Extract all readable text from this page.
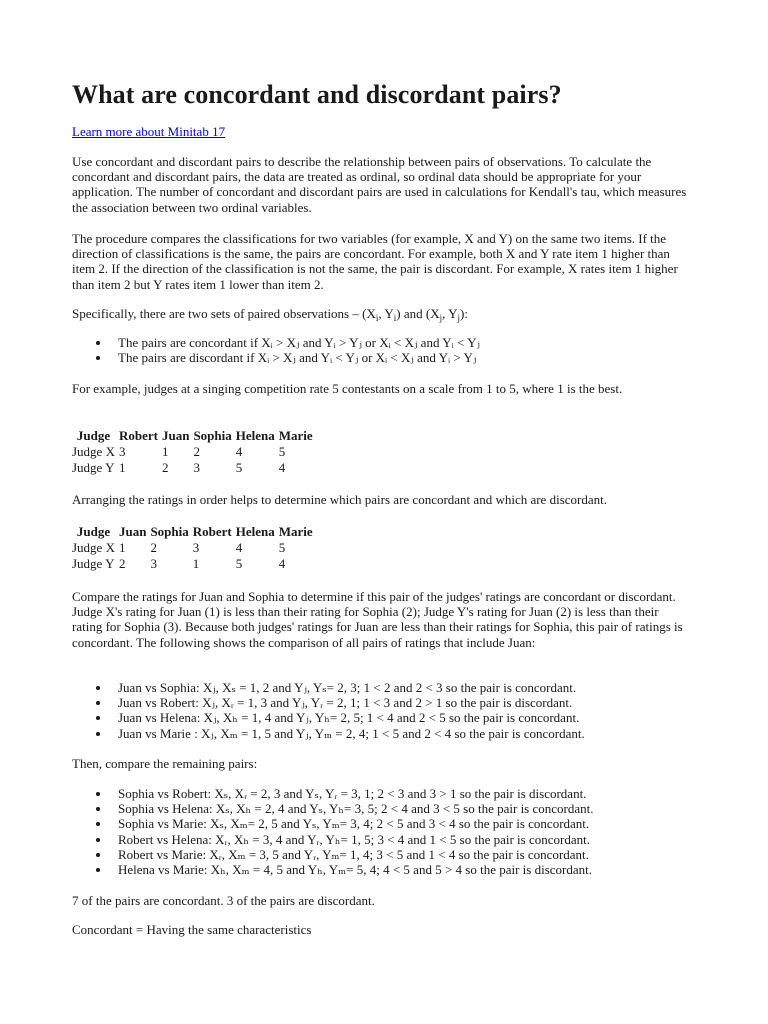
What are concordant and discordant pairs?
Learn more about Minitab 17

Use concordant and discordant pairs to describe the relationship between pairs of observations. To calculate the concordant and discordant pairs, the data are treated as ordinal, so ordinal data should be appropriate for your application. The number of concordant and discordant pairs are used in calculations for Kendall's tau, which measures the association between two ordinal variables.

The procedure compares the classifications for two variables (for example, X and Y) on the same two items. If the direction of classifications is the same, the pairs are concordant. For example, both X and Y rate item 1 higher than item 2. If the direction of the classification is not the same, the pair is discordant. For example, X rates item 1 higher than item 2 but Y rates item 1 lower than item 2.

Specifically, there are two sets of paired observations – ($X_i$, $Y_i$) and ($X_j$, $Y_j$):
The pairs are concordant if Xᵢ > Xⱼ and Yᵢ > Yⱼ or Xᵢ < Xⱼ and Yᵢ < Yⱼ
The pairs are discordant if Xᵢ > Xⱼ and Yᵢ < Yⱼ or Xᵢ < Xⱼ and Yᵢ > Yⱼ

For example, judges at a singing competition rate 5 contestants on a scale from 1 to 5, where 1 is the best.

Judge	Robert	Juan	Sophia	Helena	Marie
Judge X	3	1	2	4	5
Judge Y	1	2	3	5	4

Arranging the ratings in order helps to determine which pairs are concordant and which are discordant.

Judge	Juan	Sophia	Robert	Helena	Marie
Judge X	1	2	3	4	5
Judge Y	2	3	1	5	4

Compare the ratings for Juan and Sophia to determine if this pair of the judges' ratings are concordant or discordant. Judge X's rating for Juan (1) is less than their rating for Sophia (2); Judge Y's rating for Juan (2) is less than their rating for Sophia (3). Because both judges' ratings for Juan are less than their ratings for Sophia, this pair of ratings is concordant. The following shows the comparison of all pairs of ratings that include Juan:

Juan vs Sophia: Xⱼ, Xₛ = 1, 2 and Yⱼ, Yₛ= 2, 3; 1 < 2 and 2 < 3 so the pair is concordant.
Juan vs Robert: Xⱼ, Xᵣ = 1, 3 and Yⱼ, Yᵣ = 2, 1; 1 < 3 and 2 > 1 so the pair is discordant.
Juan vs Helena: Xⱼ, Xₕ = 1, 4 and Yⱼ, Yₕ= 2, 5; 1 < 4 and 2 < 5 so the pair is concordant.
Juan vs Marie : Xⱼ, Xₘ = 1, 5 and Yⱼ, Yₘ = 2, 4; 1 < 5 and 2 < 4 so the pair is concordant.

Then, compare the remaining pairs:

Sophia vs Robert: Xₛ, Xᵣ = 2, 3 and Yₛ, Yᵣ = 3, 1; 2 < 3 and 3 > 1 so the pair is discordant.
Sophia vs Helena: Xₛ, Xₕ = 2, 4 and Yₛ, Yₕ= 3, 5; 2 < 4 and 3 < 5 so the pair is concordant.
Sophia vs Marie: Xₛ, Xₘ= 2, 5 and Yₛ, Yₘ= 3, 4; 2 < 5 and 3 < 4 so the pair is concordant.
Robert vs Helena: Xᵣ, Xₕ = 3, 4 and Yᵣ, Yₕ= 1, 5; 3 < 4 and 1 < 5 so the pair is concordant.
Robert vs Marie: Xᵣ, Xₘ = 3, 5 and Yᵣ, Yₘ= 1, 4; 3 < 5 and 1 < 4 so the pair is concordant.
Helena vs Marie: Xₕ, Xₘ = 4, 5 and Yₕ, Yₘ= 5, 4; 4 < 5 and 5 > 4 so the pair is discordant.

7 of the pairs are concordant. 3 of the pairs are discordant.

Concordant = Having the same characteristics
